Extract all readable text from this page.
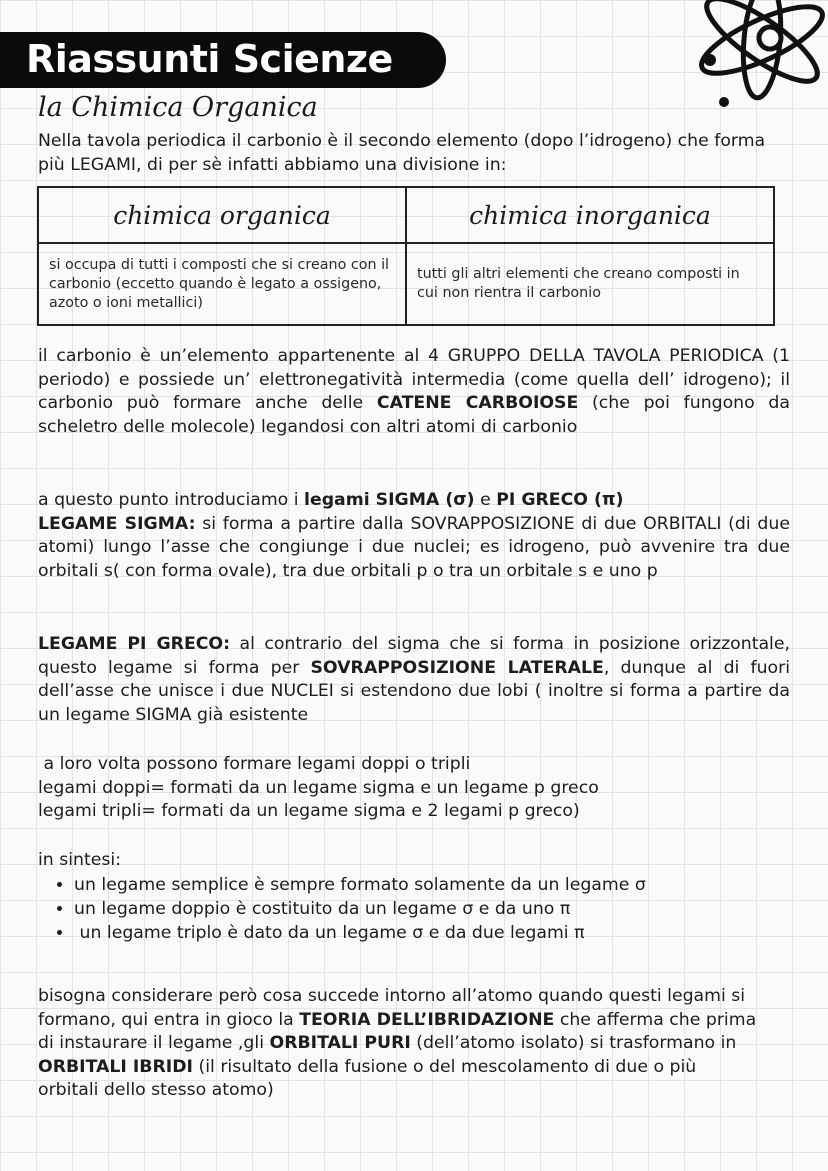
Riassunti Scienze
la Chimica Organica

Nella tavola periodica il carbonio è il secondo elemento (dopo l’idrogeno) che forma più LEGAMI, di per sè infatti abbiamo una divisione in:

chimica organica	chimica inorganica
si occupa di tutti i composti che si creano con il carbonio (eccetto quando è legato a ossigeno, azoto o ioni metallici)	tutti gli altri elementi che creano composti in cui non rientra il carbonio

il carbonio è un’elemento appartenente al 4 GRUPPO DELLA TAVOLA PERIODICA (1 periodo) e possiede un’ elettronegatività intermedia (come quella dell’ idrogeno); il carbonio può formare anche delle CATENE CARBOIOSE (che poi fungono da scheletro delle molecole) legandosi con altri atomi di carbonio

a questo punto introduciamo i legami SIGMA (σ) e PI GRECO (π)

LEGAME SIGMA: si forma a partire dalla SOVRAPPOSIZIONE di due ORBITALI (di due atomi) lungo l’asse che congiunge i due nuclei; es idrogeno, può avvenire tra due orbitali s( con forma ovale), tra due orbitali p o tra un orbitale s e uno p

LEGAME PI GRECO: al contrario del sigma che si forma in posizione orizzontale, questo legame si forma per SOVRAPPOSIZIONE LATERALE, dunque al di fuori dell’asse che unisce i due NUCLEI si estendono due lobi ( inoltre si forma a partire da un legame SIGMA già esistente

a loro volta possono formare legami doppi o tripli

legami doppi= formati da un legame sigma e un legame p greco

legami tripli= formati da un legame sigma e 2 legami p greco)

in sintesi:

• un legame semplice è sempre formato solamente da un legame σ
• un legame doppio è costituito da un legame σ e da uno π
•  un legame triplo è dato da un legame σ e da due legami π

bisogna considerare però cosa succede intorno all’atomo quando questi legami si formano, qui entra in gioco la TEORIA DELL’IBRIDAZIONE che afferma che prima di instaurare il legame ,gli ORBITALI PURI (dell’atomo isolato) si trasformano in ORBITALI IBRIDI (il risultato della fusione o del mescolamento di due o più orbitali dello stesso atomo)
